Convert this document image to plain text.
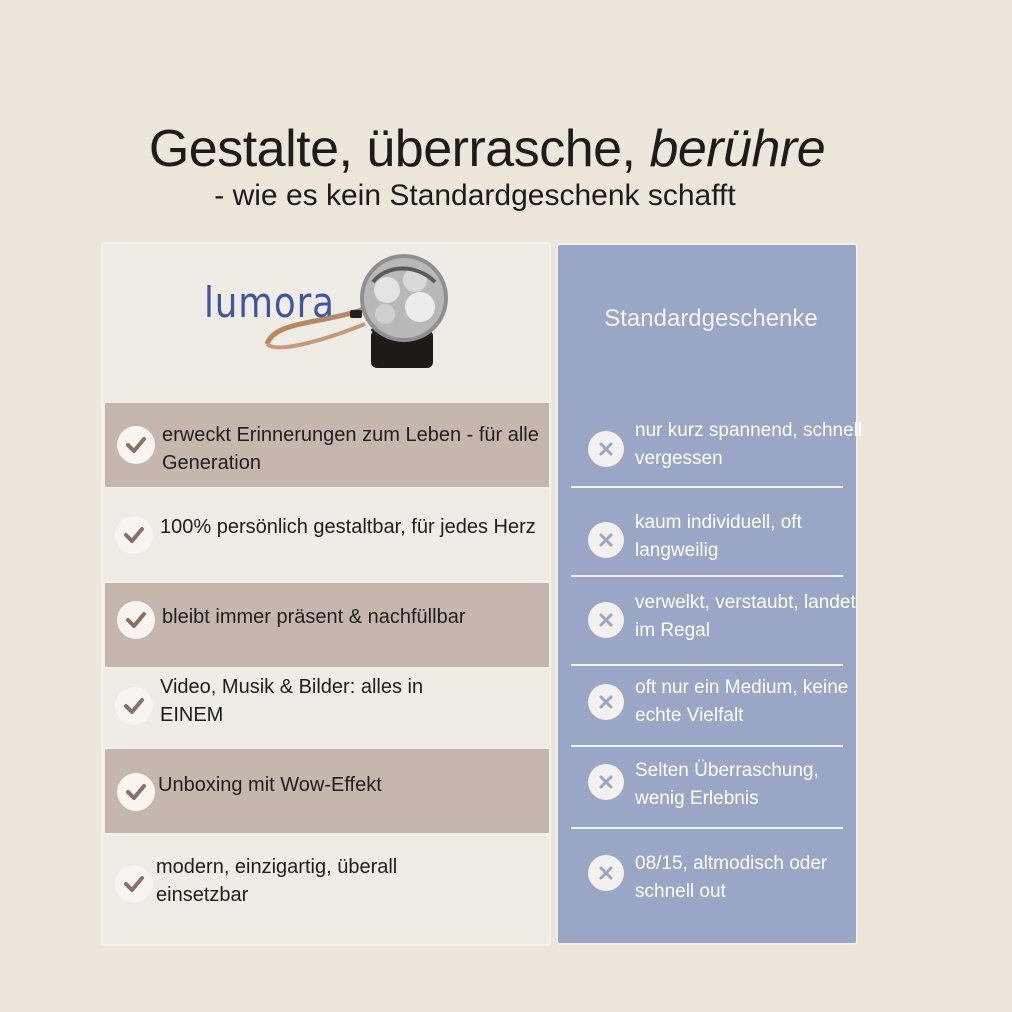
Gestalte, überrasche, berühre
- wie es kein Standardgeschenk schafft
lumora	Standardgeschenke
erweckt Erinnerungen zum Leben - für alle Generation
100% persönlich gestaltbar, für jedes Herz
bleibt immer präsent & nachfüllbar
Video, Musik & Bilder: alles in EINEM
Unboxing mit Wow-Effekt
modern, einzigartig, überall einsetzbar
nur kurz spannend, schnell vergessen
kaum individuell, oft langweilig
verwelkt, verstaubt, landet im Regal
oft nur ein Medium, keine echte Vielfalt
Selten Überraschung, wenig Erlebnis
08/15, altmodisch oder schnell out
